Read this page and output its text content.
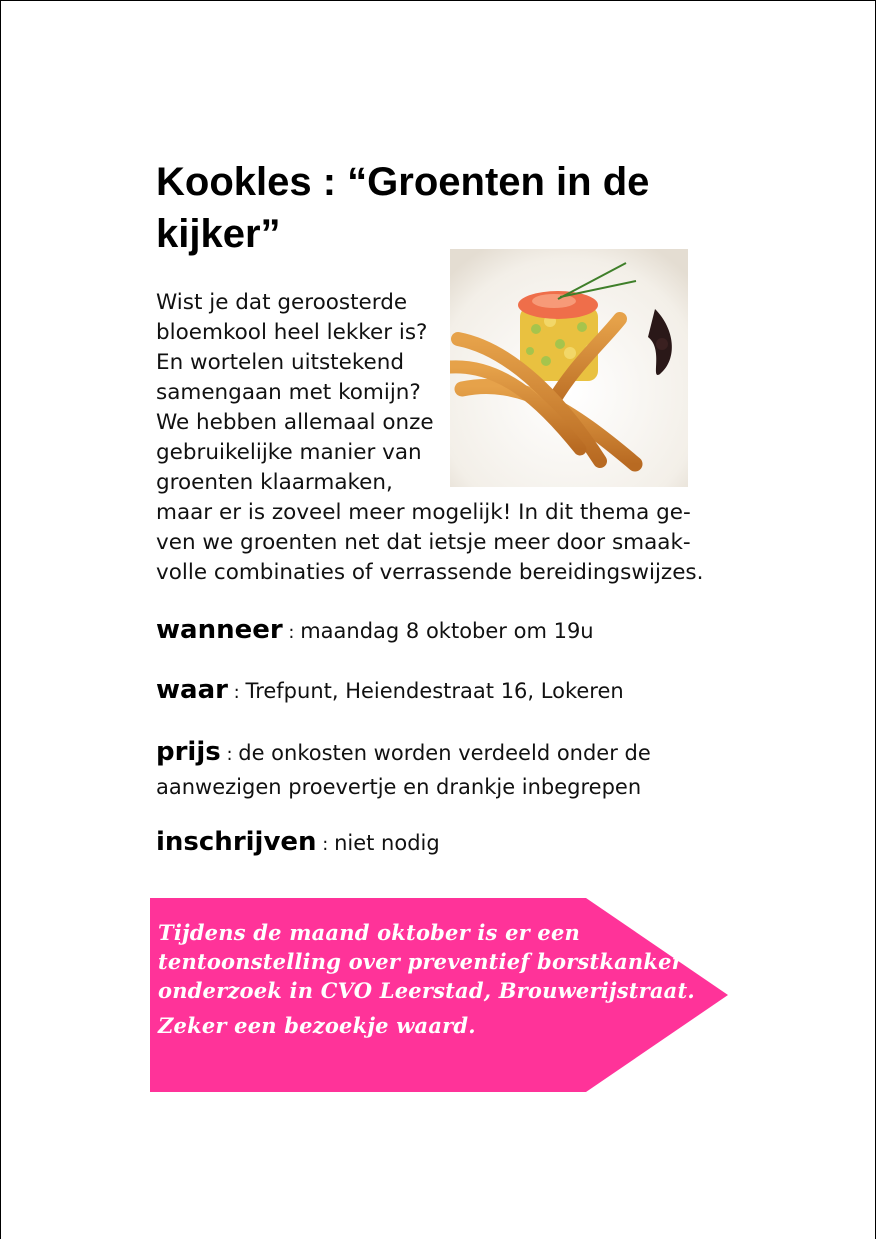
Kookles : “Groenten in de
kijker”

Wist je dat geroosterde
bloemkool heel lekker is?
En wortelen uitstekend
samengaan met komijn?
We hebben allemaal onze
gebruikelijke manier van
groenten klaarmaken,
maar er is zoveel meer mogelijk! In dit thema ge-
ven we groenten net dat ietsje meer door smaak-
volle combinaties of verrassende bereidingswijzes.

wanneer : maandag 8 oktober om 19u

waar : Trefpunt, Heiendestraat 16, Lokeren

prijs : de onkosten worden verdeeld onder de
aanwezigen proevertje en drankje inbegrepen

inschrijven : niet nodig

Tijdens de maand oktober is er een
tentoonstelling over preventief borstkanker-
onderzoek in CVO Leerstad, Brouwerijstraat.
Zeker een bezoekje waard.
